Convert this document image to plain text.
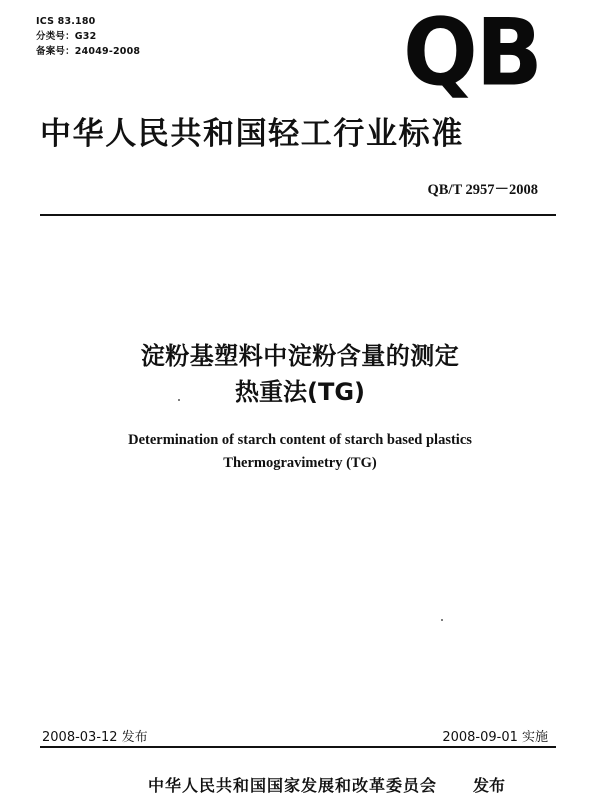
ICS 83.180
分类号：G32
备案号：24049-2008	QB
中华人民共和国轻工行业标准
QB/T 2957－2008
淀粉基塑料中淀粉含量的测定
热重法(TG)
Determination of starch content of starch based plastics
Thermogravimetry (TG)
2008-03-12 发布	2008-09-01 实施
中华人民共和国国家发展和改革委员会 发布
